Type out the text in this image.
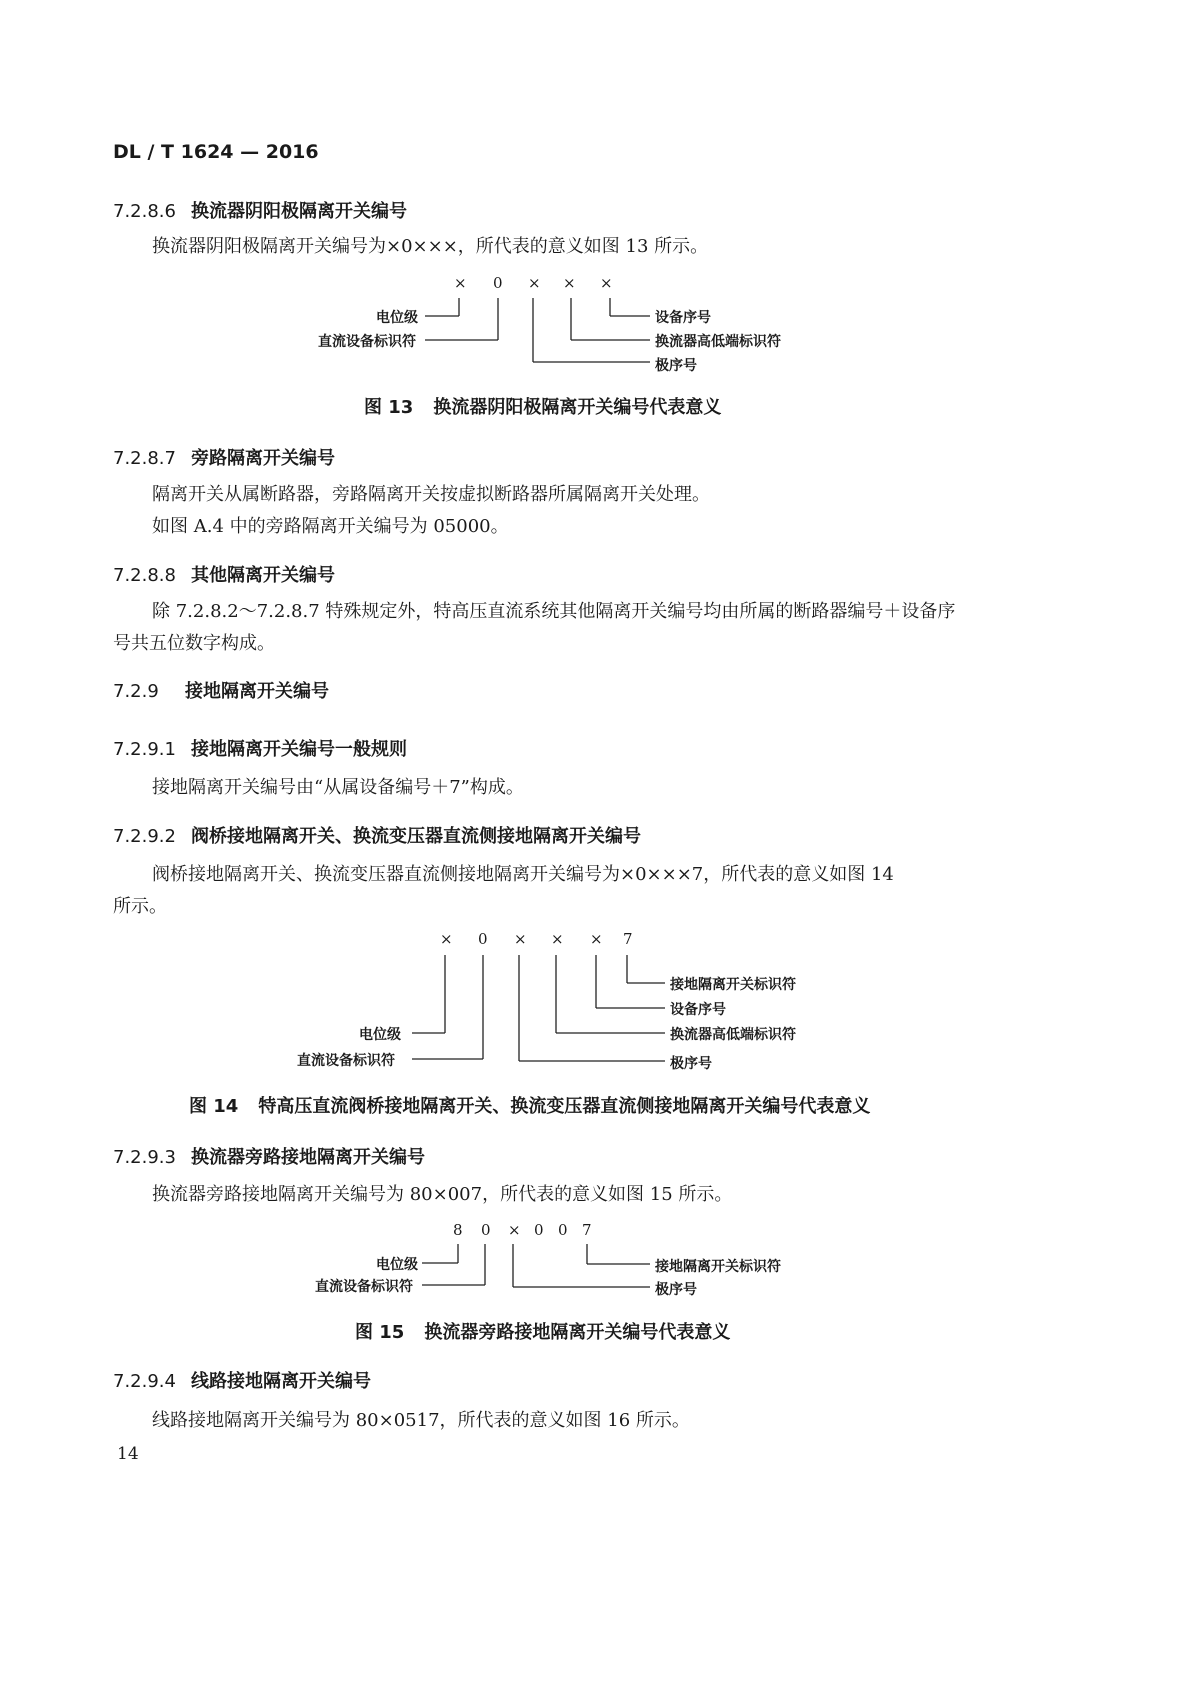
DL / T 1624 — 2016
7.2.8.6 换流器阴阳极隔离开关编号
换流器阴阳极隔离开关编号为×0×××，所代表的意义如图 13 所示。
× 0 × × ×
电位级
直流设备标识符
设备序号
换流器高低端标识符
极序号
图 13 换流器阴阳极隔离开关编号代表意义
7.2.8.7 旁路隔离开关编号
隔离开关从属断路器，旁路隔离开关按虚拟断路器所属隔离开关处理。
如图 A.4 中的旁路隔离开关编号为 05000。
7.2.8.8 其他隔离开关编号
除 7.2.8.2～7.2.8.7 特殊规定外，特高压直流系统其他隔离开关编号均由所属的断路器编号＋设备序
号共五位数字构成。
7.2.9 接地隔离开关编号
7.2.9.1 接地隔离开关编号一般规则
接地隔离开关编号由“从属设备编号＋7”构成。
7.2.9.2 阀桥接地隔离开关、换流变压器直流侧接地隔离开关编号
阀桥接地隔离开关、换流变压器直流侧接地隔离开关编号为×0×××7，所代表的意义如图 14
所示。
× 0 × × × 7
接地隔离开关标识符
设备序号
电位级	换流器高低端标识符
直流设备标识符	极序号
图 14 特高压直流阀桥接地隔离开关、换流变压器直流侧接地隔离开关编号代表意义
7.2.9.3 换流器旁路接地隔离开关编号
换流器旁路接地隔离开关编号为 80×007，所代表的意义如图 15 所示。
8 0 × 0 0 7
电位级
直流设备标识符
接地隔离开关标识符
极序号
图 15 换流器旁路接地隔离开关编号代表意义
7.2.9.4 线路接地隔离开关编号
线路接地隔离开关编号为 80×0517，所代表的意义如图 16 所示。
14
